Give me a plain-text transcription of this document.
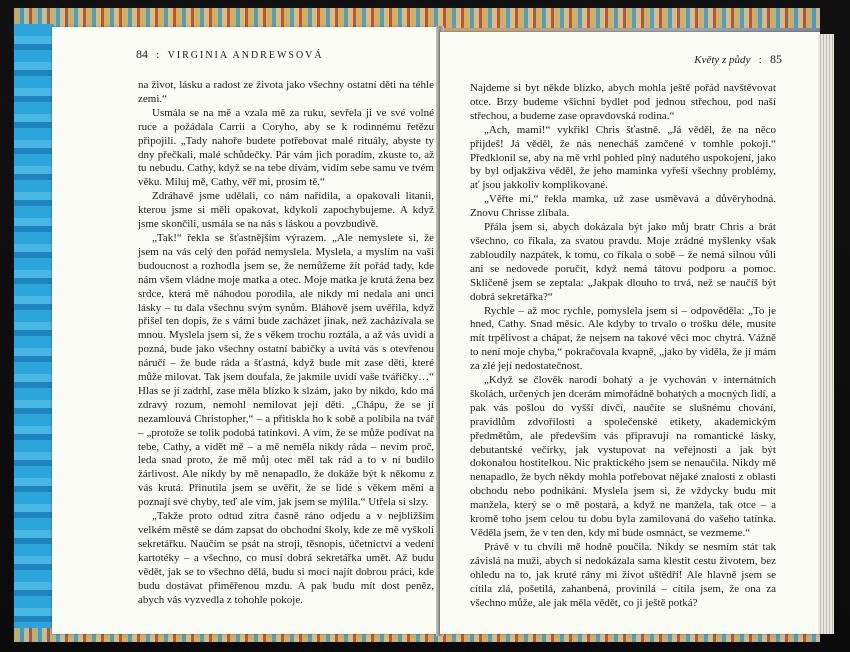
84 : VIRGINIA ANDREWSOVÁ

na život, lásku a radost ze života jako všechny ostatní děti na téhle zemi.“

Usmála se na mě a vzala mě za ruku, sevřela ji ve své volné ruce a požádala Carrii a Coryho, aby se k rodinnému řetězu připojili. „Tady nahoře budete potřebovat malé rituály, abyste ty dny přečkali, malé schůdečky. Pár vám jich poradím, zkuste to, až tu nebudu. Cathy, když se na tebe dívám, vidím sebe samu ve tvém věku. Miluj mě, Cathy, věř mi, prosím tě.“

Zdráhavě jsme udělali, co nám nařídila, a opakovali litanii, kterou jsme si měli opakovat, kdykoli zapochybujeme. A když jsme skončili, usmála se na nás s láskou a povzbudivě.

„Tak!“ řekla se šťastnějším výrazem. „Ale nemyslete si, že jsem na vás celý den pořád nemyslela. Myslela, a myslím na vaši budoucnost a rozhodla jsem se, že nemůžeme žít pořád tady, kde nám všem vládne moje matka a otec. Moje matka je krutá žena bez srdce, která mě náhodou porodila, ale nikdy mi nedala ani unci lásky – tu dala všechnu svým synům. Bláhově jsem uvěřila, když přišel ten dopis, že s vámi bude zacházet jinak, než zacházívala se mnou. Myslela jsem si, že s věkem trochu roztála, a až vás uvidí a pozná, bude jako všechny ostatní babičky a uvítá vás s otevřenou náručí – že bude ráda a šťastná, když bude mít zase děti, které může milovat. Tak jsem doufala, že jakmile uvidí vaše tvářičky…“ Hlas se jí zadrhl, zase měla blízko k slzám, jako by nikdo, kdo má zdravý rozum, nemohl nemilovat její děti. „Chápu, že se jí nezamlouvá Christopher,“ – a přitiskla ho k sobě a políbila na tvář – „protože se tolik podobá tatínkovi. A vím, že se může podívat na tebe, Cathy, a vidět mě – a mě neměla nikdy ráda – nevím proč, leda snad proto, že mě můj otec měl tak rád a to v ní budilo žárlivost. Ale nikdy by mě nenapadlo, že dokáže být k někomu z vás krutá. Přinutila jsem se uvěřit, že se lidé s věkem mění a poznají své chyby, teď ale vím, jak jsem se mýlila.“ Utřela si slzy.

„Takže proto odtud zítra časně ráno odjedu a v nejbližším velkém městě se dám zapsat do obchodní školy, kde ze mě vyškolí sekretářku. Naučím se psát na stroji, těsnopis, účetnictví a vedení kartotéky – a všechno, co musí dobrá sekretářka umět. Až budu vědět, jak se to všechno dělá, budu si moci najít dobrou práci, kde budu dostávat přiměřenou mzdu. A pak budu mít dost peněz, abych vás vyzvedla z tohohle pokoje.

Květy z půdy : 85

Najdeme si byt někde blízko, abych mohla ještě pořád navštěvovat otce. Brzy budeme všichni bydlet pod jednou střechou, pod naší střechou, a budeme zase opravdovská rodina.“

„Ach, mami!“ vykřikl Chris šťastně. „Já věděl, že na něco přijdeš! Já věděl, že nás nenecháš zamčené v tomhle pokoji.“ Předklonil se, aby na mě vrhl pohled plný nadutého uspokojení, jako by byl odjakživa věděl, že jeho maminka vyřeší všechny problémy, ať jsou jakkoliv komplikované.

„Věřte mi,“ řekla mamka, už zase usměvavá a důvěryhodná. Znovu Chrisse zlíbala.

Přála jsem si, abych dokázala být jako můj bratr Chris a brát všechno, co říkala, za svatou pravdu. Moje zrádné myšlenky však zabloudily nazpátek, k tomu, co říkala o sobě – že nemá silnou vůli ani se nedovede poručit, když nemá tátovu podporu a pomoc. Sklíčeně jsem se zeptala: „Jakpak dlouho to trvá, než se naučíš být dobrá sekretářka?“

Rychle – až moc rychle, pomyslela jsem si – odpověděla: „To je hned, Cathy. Snad měsíc. Ale kdyby to trvalo o trošku déle, musíte mít trpělivost a chápat, že nejsem na takové věci moc chytrá. Vážně to není moje chyba,“ pokračovala kvapně, „jako by viděla, že jí mám za zlé její nedostatečnost.

„Když se člověk narodí bohatý a je vychován v internátních školách, určených jen dcerám mimořádně bohatých a mocných lidí, a pak vás pošlou do vyšší dívčí, naučíte se slušnému chování, pravidlům zdvořilosti a společenské etikety, akademickým předmětům, ale především vás připravují na romantické lásky, debutantské večírky, jak vystupovat na veřejnosti a jak být dokonalou hostitelkou. Nic praktického jsem se nenaučila. Nikdy mě nenapadlo, že bych někdy mohla potřebovat nějaké znalosti z oblasti obchodu nebo podnikání. Myslela jsem si, že vždycky budu mít manžela, který se o mě postará, a když ne manžela, tak otce – a kromě toho jsem celou tu dobu byla zamilovaná do vašeho tatínka. Věděla jsem, že v ten den, kdy mi bude osmnáct, se vezmeme.“

Právě v tu chvíli mě hodně poučila. Nikdy se nesmím stát tak závislá na muži, abych si nedokázala sama klestit cestu životem, bez ohledu na to, jak kruté rány mi život uštědří! Ale hlavně jsem se cítila zlá, pošetilá, zahanbená, provinilá – cítila jsem, že ona za všechno může, ale jak měla vědět, co ji ještě potká?
